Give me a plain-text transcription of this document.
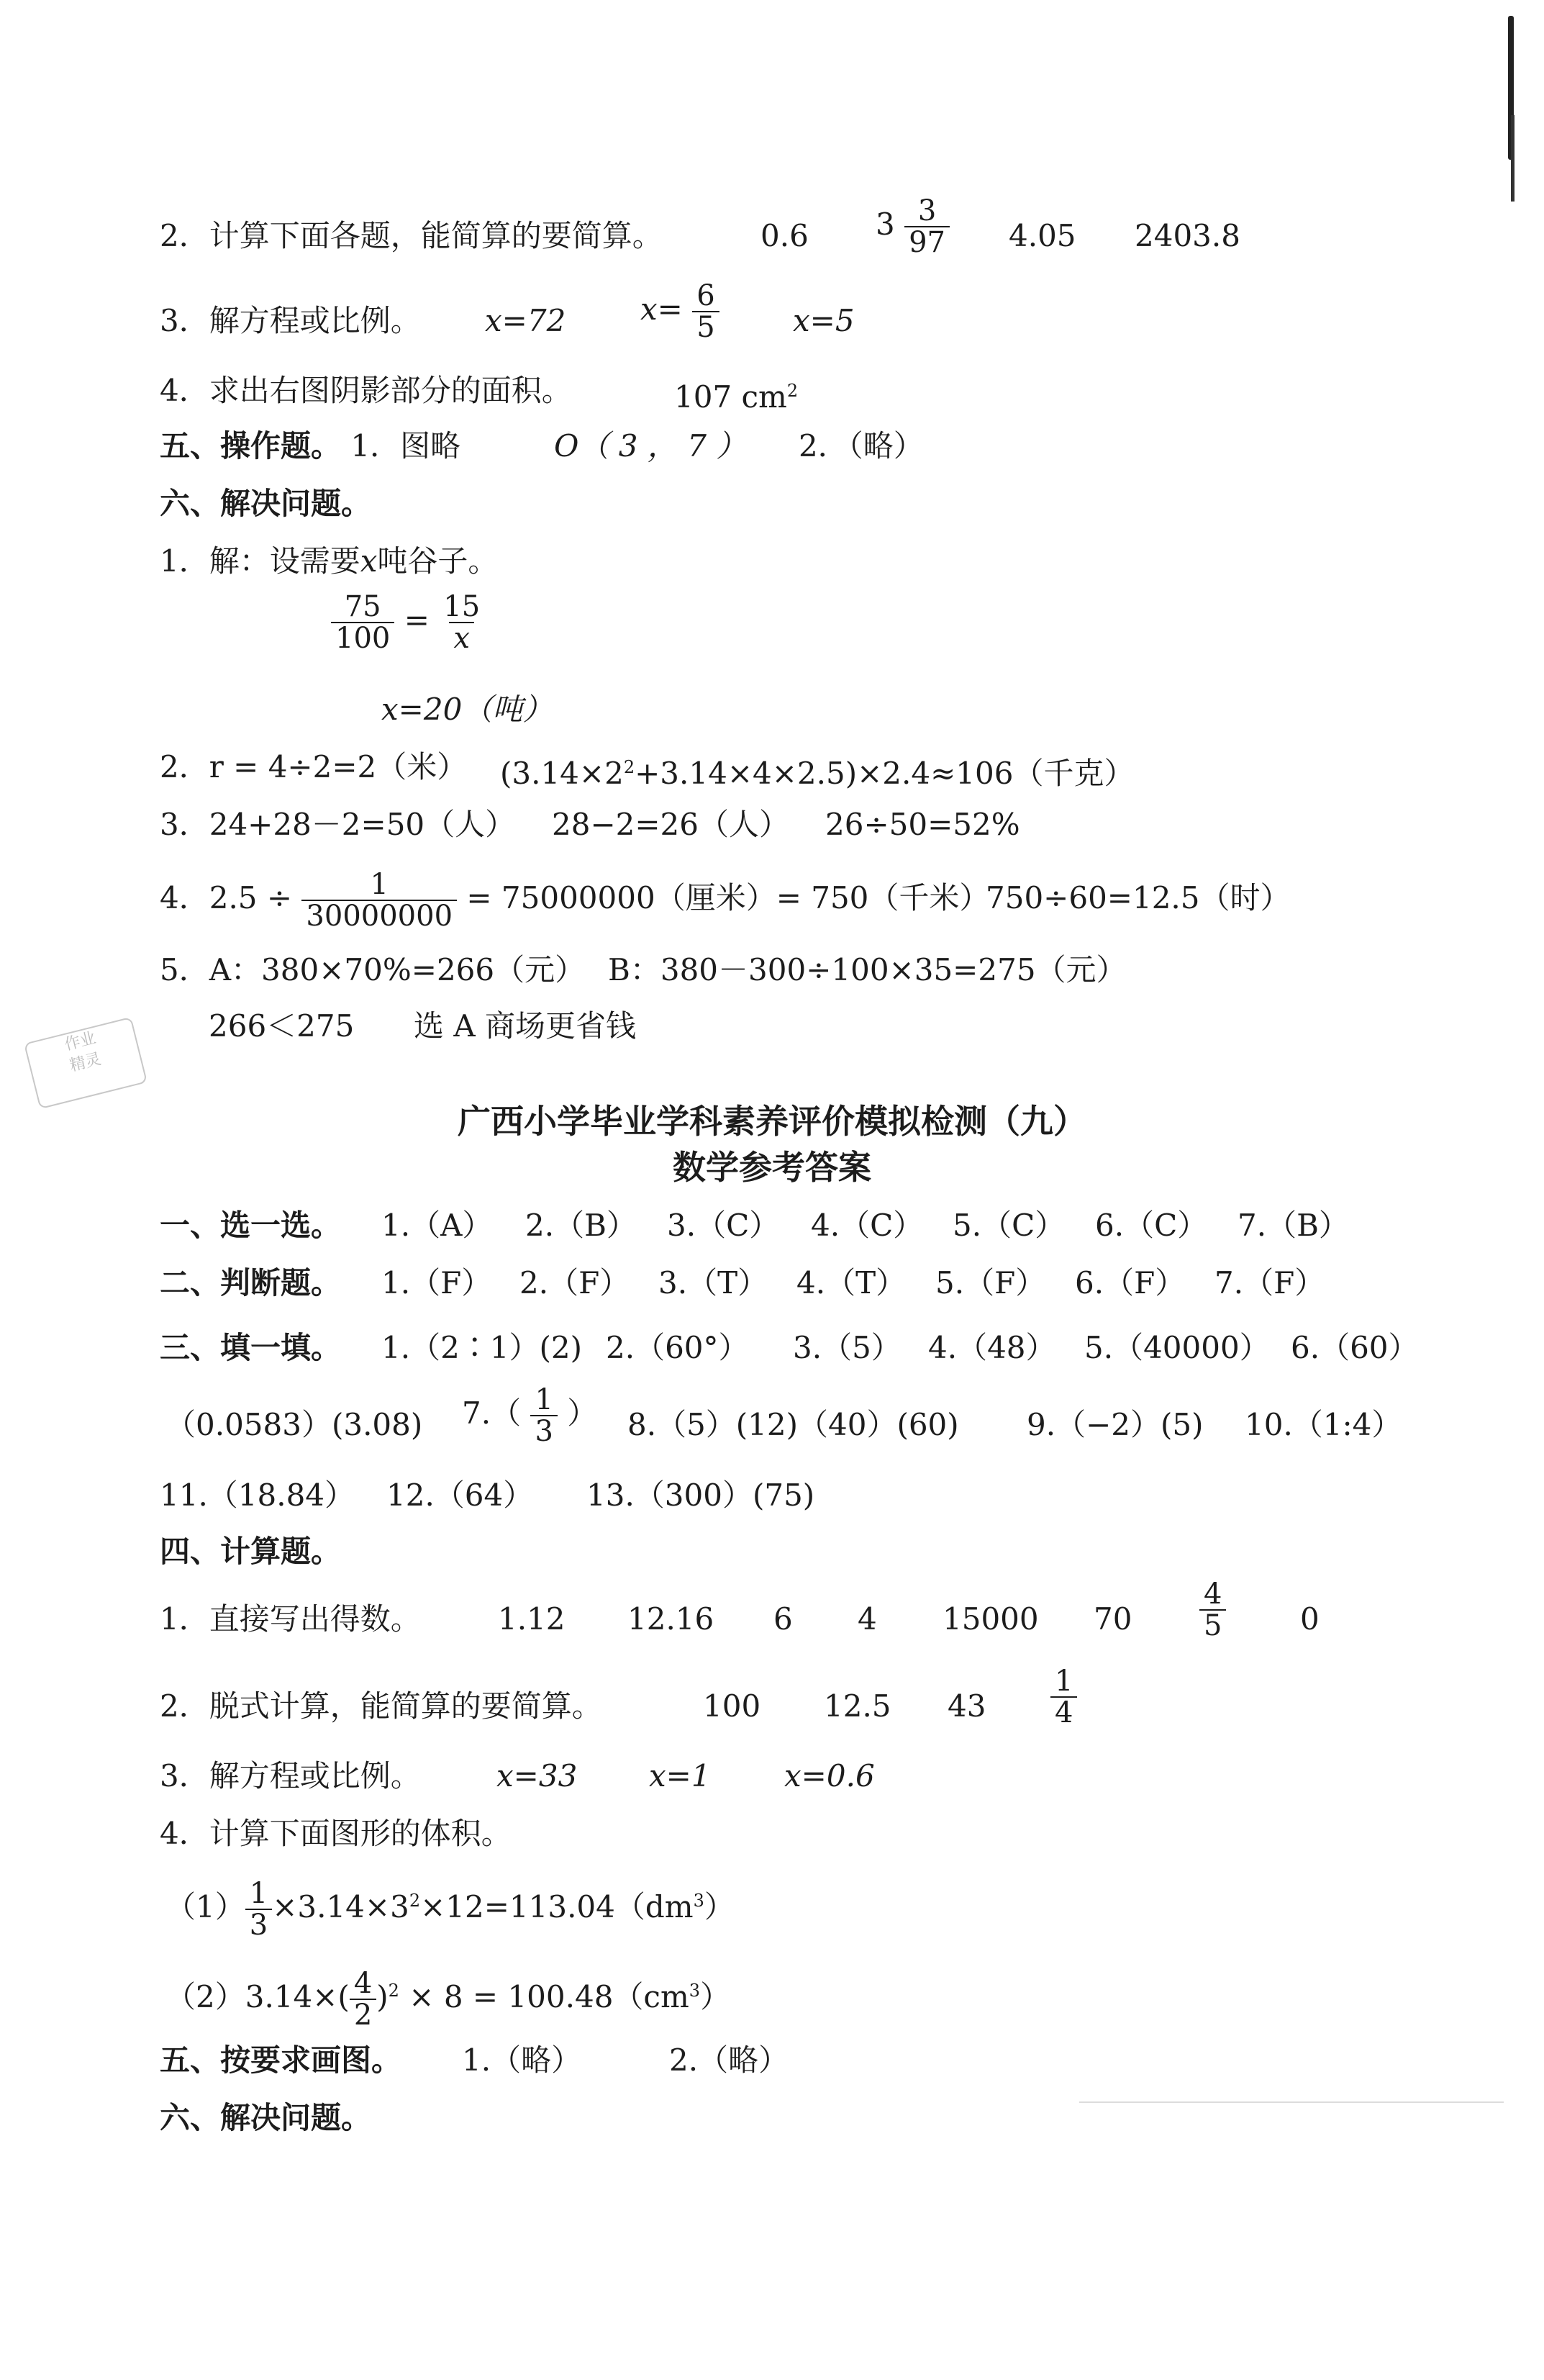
2．计算下面各题，能简算的要简算。	0.6 $3 \frac{3}{97} 4.05$ 2403.8
3．解方程或比例。 x=72 $x= \frac{6}{5} x=5$
4．求出右图阴影部分的面积。	107 $cm^2$
五、操作题。 1．图略	O（ 3 ， 7 ） 2．（略）
六、解决问题。
1．解：设需要x吨谷子。
$\frac{75}{100} = \frac{15}{x}$
x=20（吨）
2．r = 4÷2=2（米） $(3.14\times 2^2+3.14\times 4\times 2.5)\times 2.4\approx 106$（千克）
3．24+28－2=50（人） 28−2=26（人） 26÷50=52%
4．$2.5 \div \frac{1}{30000000} = 75000000$（厘米）= 750（千米）
750÷60=12.5（时）
5．A：380×70%=266（元） B：380－300÷100×35=275（元）
266＜275 选 A 商场更省钱
作业
精灵
广西小学毕业学科素养评价模拟检测（九）
数学参考答案
一、选一选。 1.（A） 2.（B） 3.（C） 4.（C） 5.（C） 6.（C） 7.（B）
二、判断题。 1.（F） 2.（F） 3.（T） 4.（T） 5.（F） 6.（F） 7.（F）
三、填一填。 1.（2∶1）(2) 2.（60°） 3.（5） 4.（48） 5.（40000） 6.（60）
（0.0583）(3.08) $7.( \frac{1}{3}$ ） 8.（5）(12)（40）(60) 9.（−2）(5) 10.（1:4）
11.（18.84） 12.（64） 13.（300）(75)
四、计算题。
1．直接写出得数。	1.12 12.16 6 4 15000 $70 \frac{4}{5} 0$
2．脱式计算，能简算的要简算。	100 12.5 $43 \frac{1}{4}$
3．解方程或比例。	x=33 x=1 x=0.6
4．计算下面图形的体积。
$(1) \frac{1}{3} \times 3.14\times 3^2\times 12=113.04(dm^3)$
$(2)3.14\times( \frac{4}{2} )^2 \times 8 = 100.48(cm^3)$
五、按要求画图。 1.（略）	2.（略）
六、解决问题。
